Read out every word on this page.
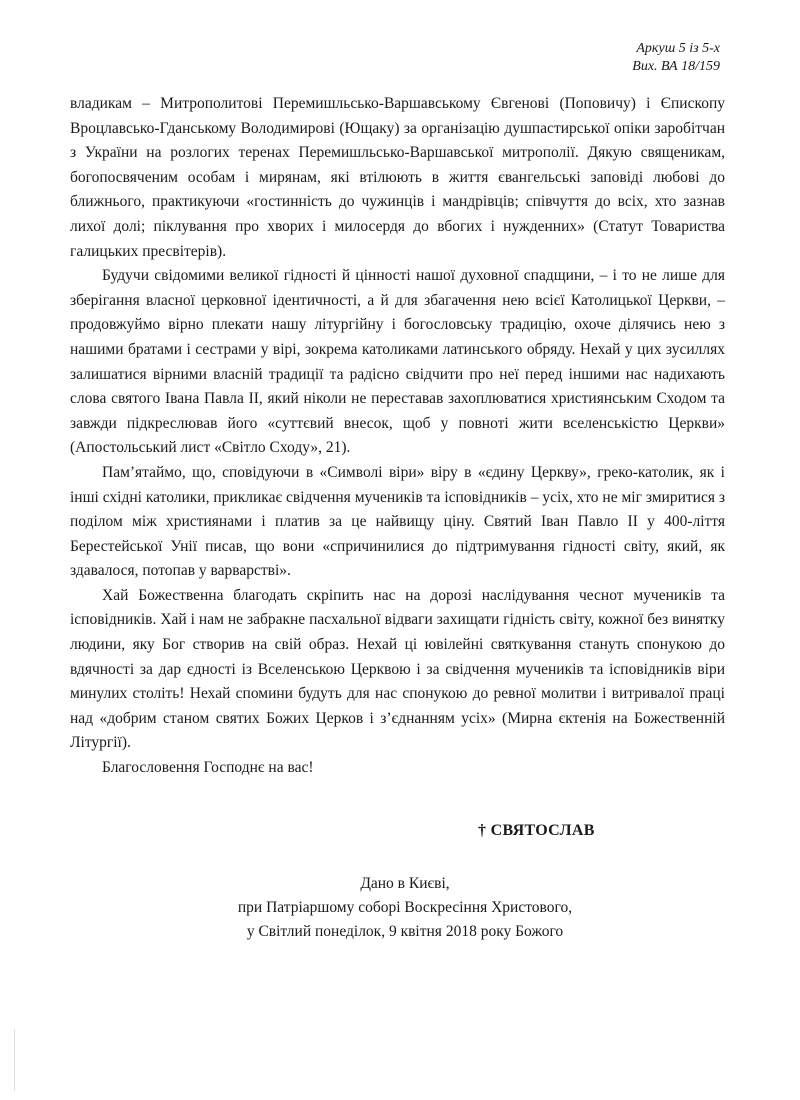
Аркуш 5 із 5-х
Вих. ВА 18/159

владикам – Митрополитові Перемишльсько-Варшавському Євгенові (Поповичу) і Єпископу Вроцлавсько-Гданському Володимирові (Ющаку) за організацію душпастирської опіки заробітчан з України на розлогих теренах Перемишльсько-Варшавської митрополії. Дякую священикам, богопосвяченим особам і мирянам, які втілюють в життя євангельські заповіді любові до ближнього, практикуючи «гостинність до чужинців і мандрівців; співчуття до всіх, хто зазнав лихої долі; піклування про хворих і милосердя до вбогих і нужденних» (Статут Товариства галицьких пресвітерів).

Будучи свідомими великої гідності й цінності нашої духовної спадщини, – і то не лише для зберігання власної церковної ідентичності, а й для збагачення нею всієї Католицької Церкви, – продовжуймо вірно плекати нашу літургійну і богословську традицію, охоче ділячись нею з нашими братами і сестрами у вірі, зокрема католиками латинського обряду. Нехай у цих зусиллях залишатися вірними власній традиції та радісно свідчити про неї перед іншими нас надихають слова святого Івана Павла II, який ніколи не переставав захоплюватися християнським Сходом та завжди підкреслював його «суттєвий внесок, щоб у повноті жити вселенськістю Церкви» (Апостольський лист «Світло Сходу», 21).

Пам’ятаймо, що, сповідуючи в «Символі віри» віру в «єдину Церкву», греко-католик, як і інші східні католики, прикликає свідчення мучеників та ісповідників – усіх, хто не міг змиритися з поділом між християнами і платив за це найвищу ціну. Святий Іван Павло II у 400-ліття Берестейської Унії писав, що вони «спричинилися до підтримування гідності світу, який, як здавалося, потопав у варварстві».

Хай Божественна благодать скріпить нас на дорозі наслідування чеснот мучеників та ісповідників. Хай і нам не забракне пасхальної відваги захищати гідність світу, кожної без винятку людини, яку Бог створив на свій образ. Нехай ці ювілейні святкування стануть спонукою до вдячності за дар єдності із Вселенською Церквою і за свідчення мучеників та ісповідників віри минулих століть! Нехай спомини будуть для нас спонукою до ревної молитви і витривалої праці над «добрим станом святих Божих Церков і з’єднанням усіх» (Мирна єктенія на Божественній Літургії).

Благословення Господнє на вас!

† СВЯТОСЛАВ
Дано в Києві,
при Патріаршому соборі Воскресіння Христового,
у Світлий понеділок, 9 квітня 2018 року Божого
